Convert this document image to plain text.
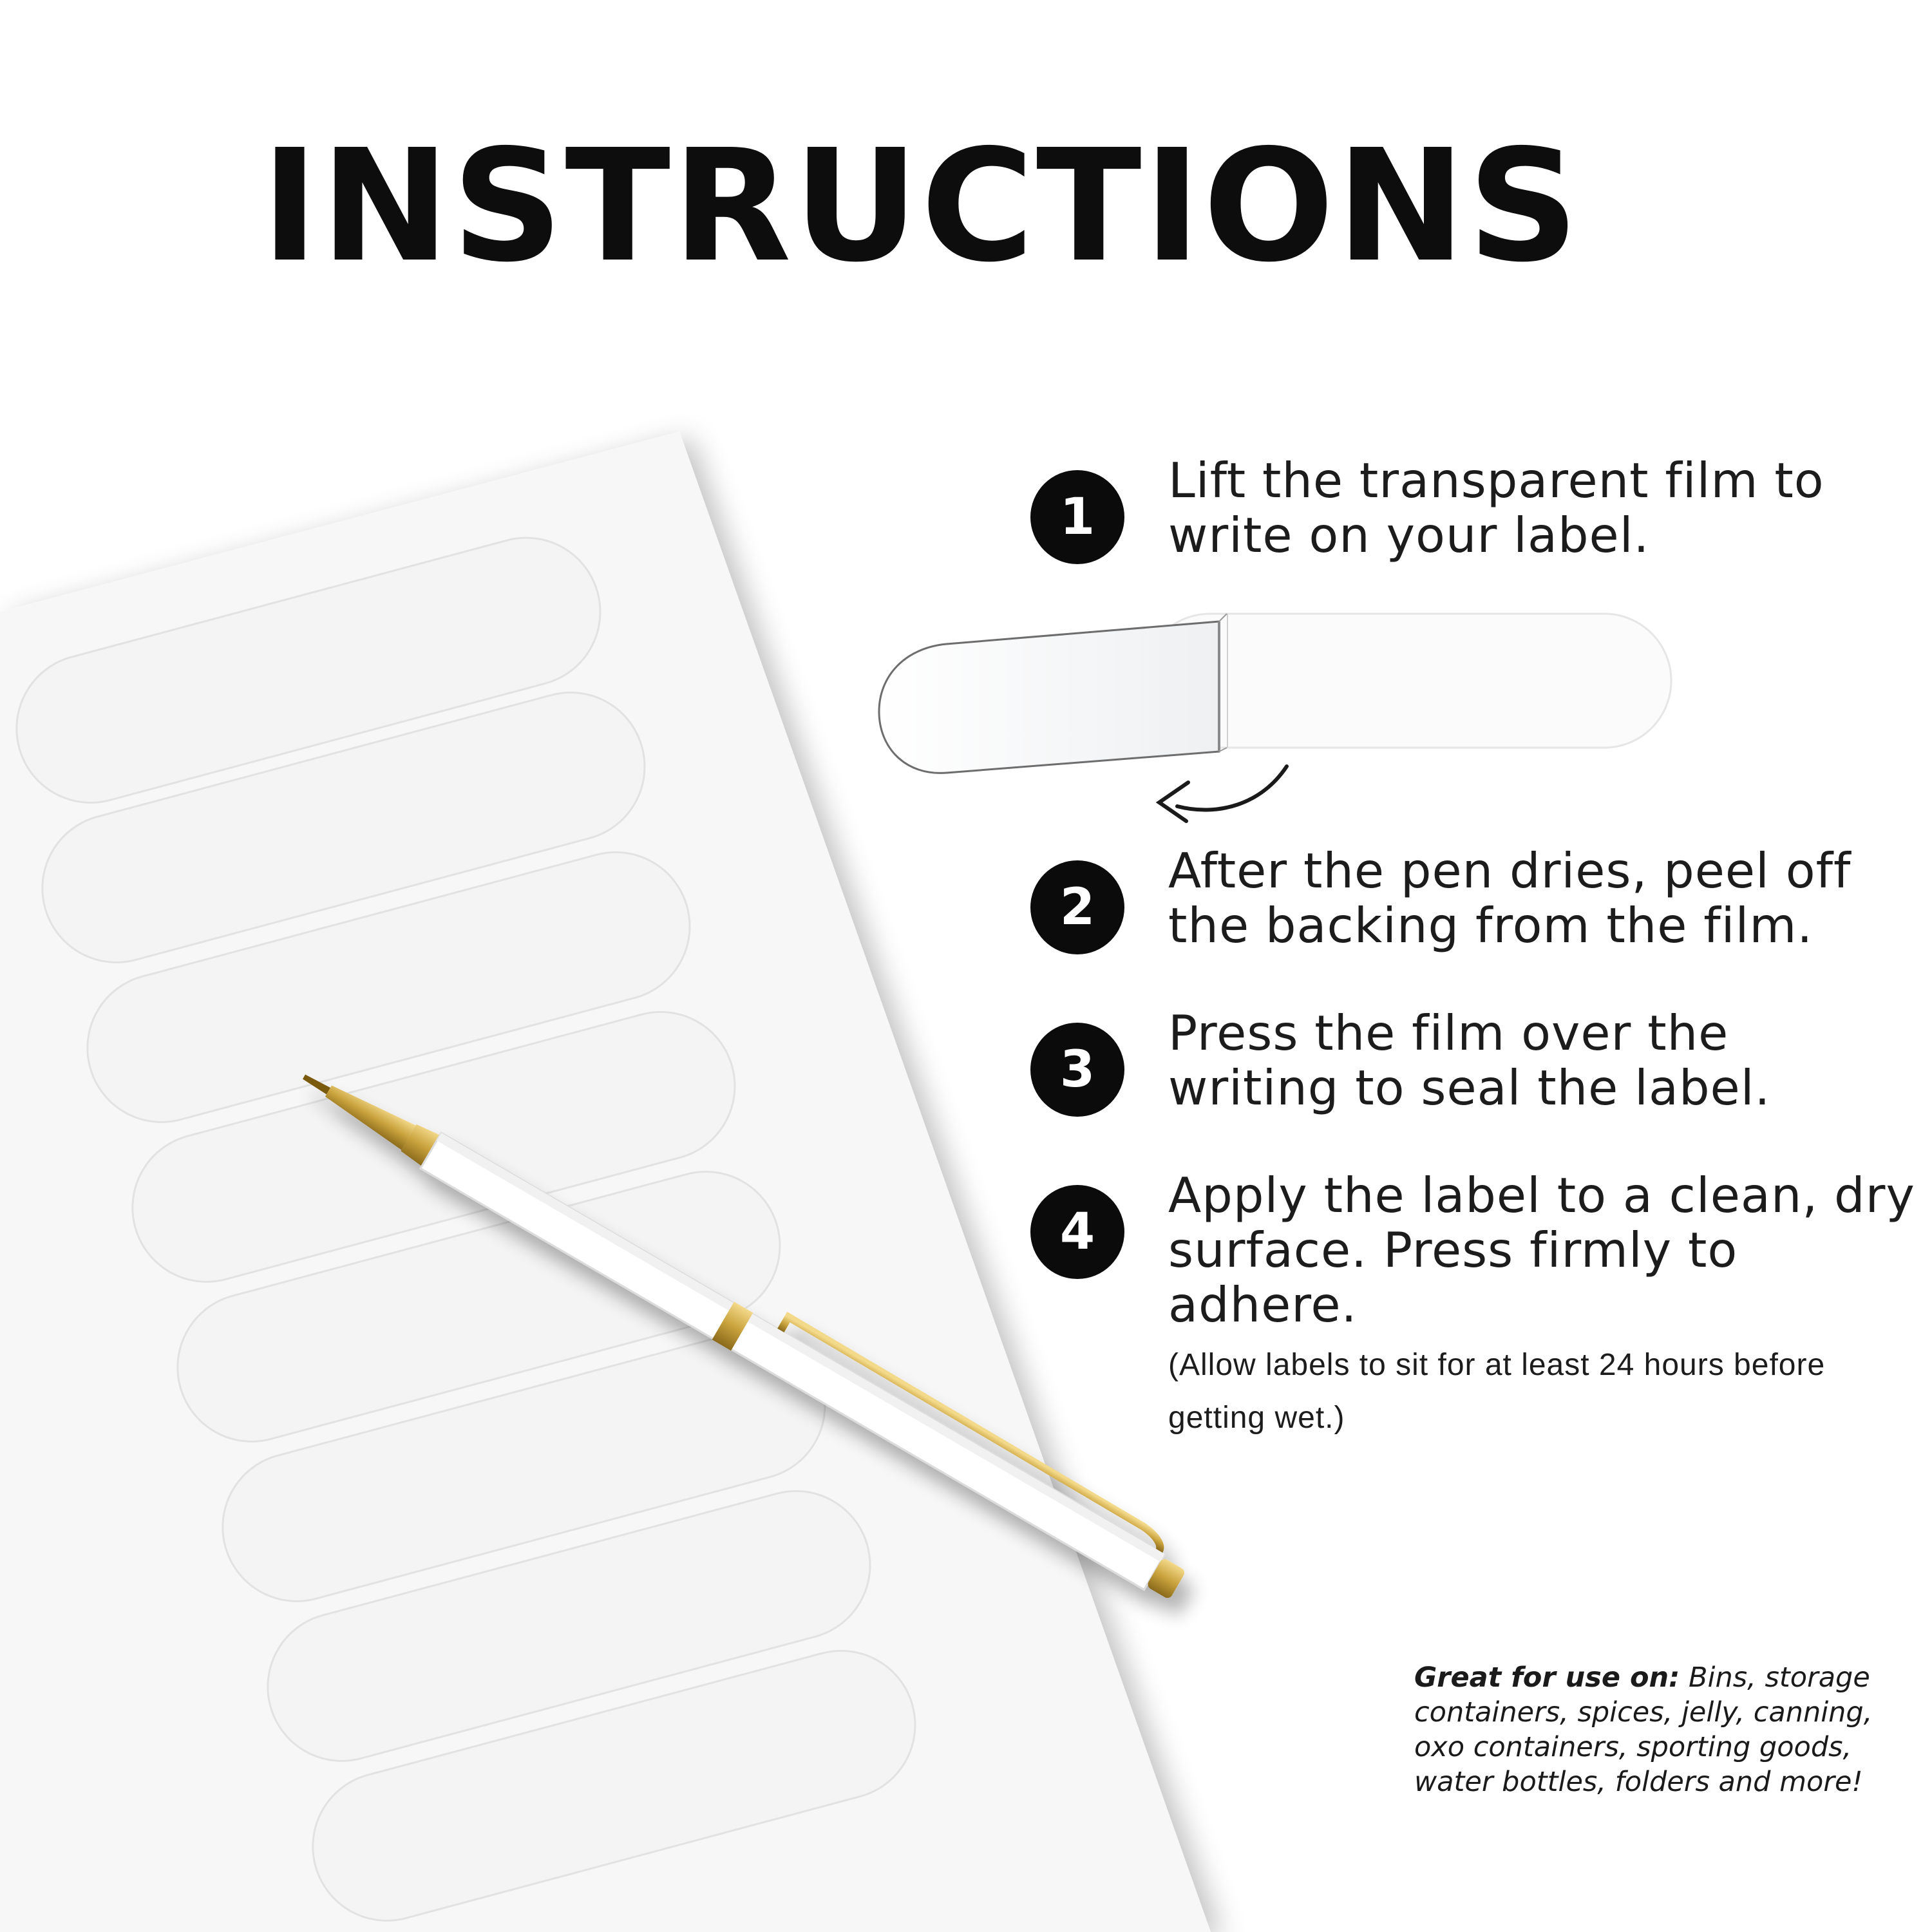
INSTRUCTIONS
1
Lift the transparent film to write on your label.
2
After the pen dries, peel off the backing from the film.
3
Press the film over the writing to seal the label.
4
Apply the label to a clean, dry surface. Press firmly to adhere.
(Allow labels to sit for at least 24 hours before getting wet.)
Great for use on: Bins, storage containers, spices, jelly, canning, oxo containers, sporting goods, water bottles, folders and more!
